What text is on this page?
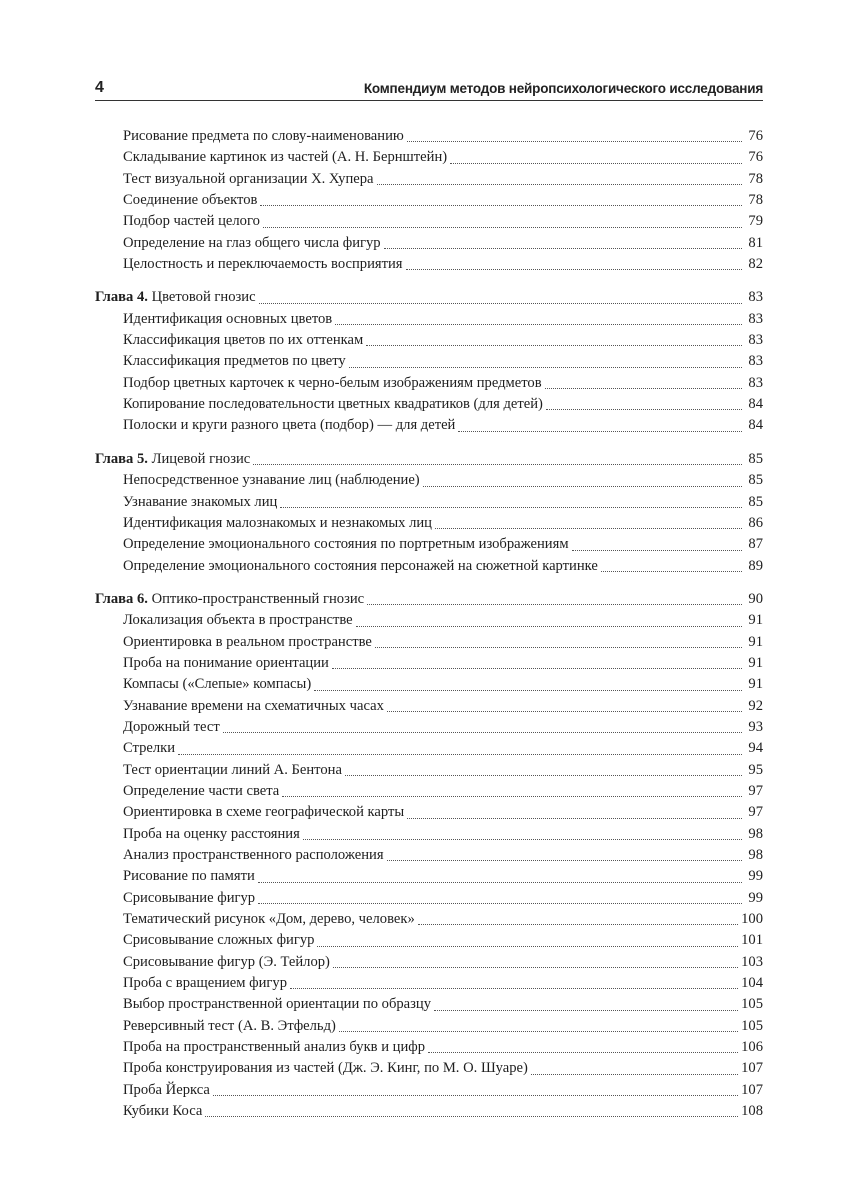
4	Компендиум методов нейропсихологического исследования
Рисование предмета по слову-наименованию	76
Складывание картинок из частей (А. Н. Бернштейн)	76
Тест визуальной организации Х. Хупера	78
Соединение объектов	78
Подбор частей целого	79
Определение на глаз общего числа фигур	81
Целостность и переключаемость восприятия	82
Глава 4. Цветовой гнозис	83
Идентификация основных цветов	83
Классификация цветов по их оттенкам	83
Классификация предметов по цвету	83
Подбор цветных карточек к черно-белым изображениям предметов	83
Копирование последовательности цветных квадратиков (для детей)	84
Полоски и круги разного цвета (подбор) — для детей	84
Глава 5. Лицевой гнозис	85
Непосредственное узнавание лиц (наблюдение)	85
Узнавание знакомых лиц	85
Идентификация малознакомых и незнакомых лиц	86
Определение эмоционального состояния по портретным изображениям	87
Определение эмоционального состояния персонажей на сюжетной картинке	89
Глава 6. Оптико-пространственный гнозис	90
Локализация объекта в пространстве	91
Ориентировка в реальном пространстве	91
Проба на понимание ориентации	91
Компасы («Слепые» компасы)	91
Узнавание времени на схематичных часах	92
Дорожный тест	93
Стрелки	94
Тест ориентации линий А. Бентона	95
Определение части света	97
Ориентировка в схеме географической карты	97
Проба на оценку расстояния	98
Анализ пространственного расположения	98
Рисование по памяти	99
Срисовывание фигур	99
Тематический рисунок «Дом, дерево, человек»	100
Срисовывание сложных фигур	101
Срисовывание фигур (Э. Тейлор)	103
Проба с вращением фигур	104
Выбор пространственной ориентации по образцу	105
Реверсивный тест (А. В. Этфельд)	105
Проба на пространственный анализ букв и цифр	106
Проба конструирования из частей (Дж. Э. Кинг, по М. О. Шуаре)	107
Проба Йеркса	107
Кубики Коса	108
